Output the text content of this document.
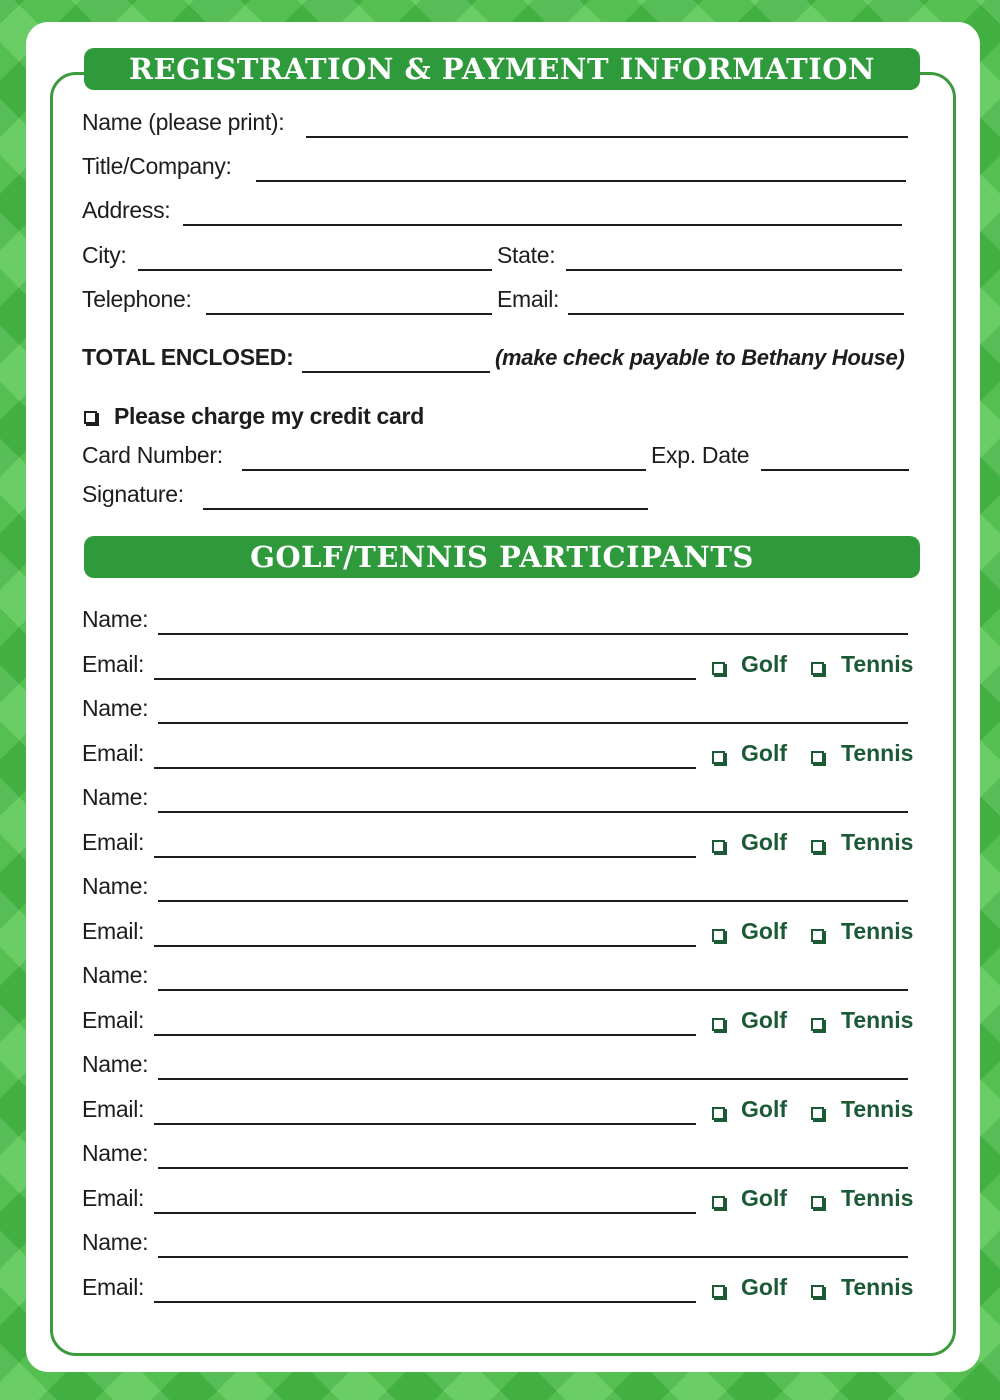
REGISTRATION & PAYMENT INFORMATION
Name (please print):
Title/Company:
Address:
City:	State:
Telephone:	Email:
TOTAL ENCLOSED:	(make check payable to Bethany House)
Please charge my credit card
Card Number:	Exp. Date
Signature:
GOLF/TENNIS PARTICIPANTS
Name:
Email:	Golf Tennis
Name:
Email:	Golf Tennis
Name:
Email:	Golf Tennis
Name:
Email:	Golf Tennis
Name:
Email:	Golf Tennis
Name:
Email:	Golf Tennis
Name:
Email:	Golf Tennis
Name:
Email:	Golf Tennis
